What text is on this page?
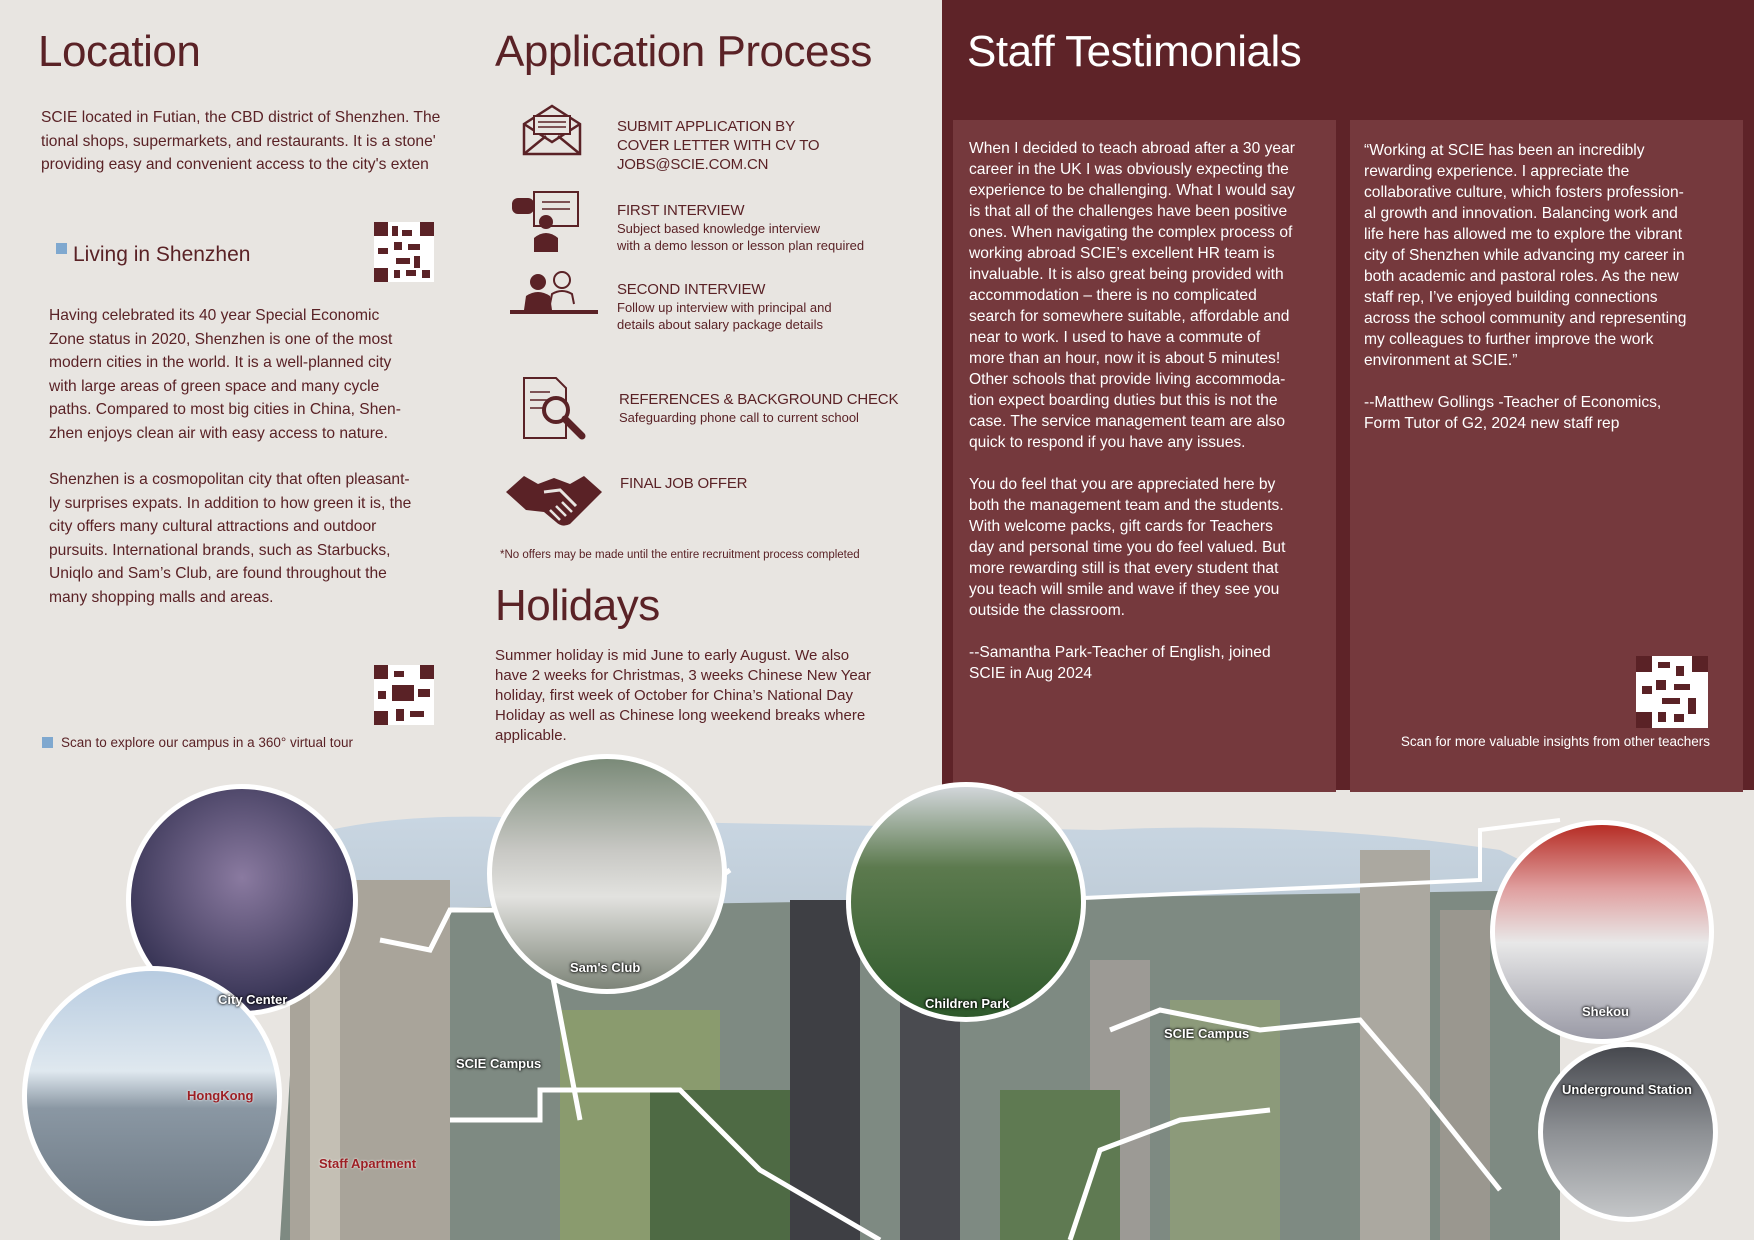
Location
SCIE located in Futian, the CBD district of Shenzhen. The
tional shops, supermarkets, and restaurants. It is a stone'
providing easy and convenient access to the city's exten
Living in Shenzhen
Having celebrated its 40 year Special Economic
Zone status in 2020, Shenzhen is one of the most
modern cities in the world. It is a well-planned city
with large areas of green space and many cycle
paths. Compared to most big cities in China, Shen-
zhen enjoys clean air with easy access to nature.
Shenzhen is a cosmopolitan city that often pleasant-
ly surprises expats. In addition to how green it is, the
city offers many cultural attractions and outdoor
pursuits. International brands, such as Starbucks,
Uniqlo and Sam’s Club, are found throughout the
many shopping malls and areas.
Scan to explore our campus in a 360° virtual tour
Application Process
SUBMIT APPLICATION BY
COVER LETTER WITH CV TO
JOBS@SCIE.COM.CN
FIRST INTERVIEW
Subject based knowledge interview
with a demo lesson or lesson plan required
SECOND INTERVIEW
Follow up interview with principal and
details about salary package details
REFERENCES & BACKGROUND CHECK
Safeguarding phone call to current school
FINAL JOB OFFER
*No offers may be made until the entire recruitment process completed
Holidays
Summer holiday is mid June to early August. We also
have 2 weeks for Christmas, 3 weeks Chinese New Year
holiday, first week of October for China’s National Day
Holiday as well as Chinese long weekend breaks where
applicable.
Staff Testimonials

When I decided to teach abroad after a 30 year
career in the UK I was obviously expecting the
experience to be challenging. What I would say
is that all of the challenges have been positive
ones. When navigating the complex process of
working abroad SCIE’s excellent HR team is
invaluable. It is also great being provided with
accommodation – there is no complicated
search for somewhere suitable, affordable and
near to work. I used to have a commute of
more than an hour, now it is about 5 minutes!
Other schools that provide living accommoda-
tion expect boarding duties but this is not the
case. The service management team are also
quick to respond if you have any issues.

You do feel that you are appreciated here by
both the management team and the students.
With welcome packs, gift cards for Teachers
day and personal time you do feel valued. But
more rewarding still is that every student that
you teach will smile and wave if they see you
outside the classroom.

--Samantha Park-Teacher of English, joined
SCIE in Aug 2024

“Working at SCIE has been an incredibly
rewarding experience. I appreciate the
collaborative culture, which fosters profession-
al growth and innovation. Balancing work and
life here has allowed me to explore the vibrant
city of Shenzhen while advancing my career in
both academic and pastoral roles. As the new
staff rep, I’ve enjoyed building connections
across the school community and representing
my colleagues to further improve the work
environment at SCIE.”

--Matthew Gollings -Teacher of Economics,
Form Tutor of G2, 2024 new staff rep

Scan for more valuable insights from other teachers
City Center
HongKong
Staff Apartment
SCIE Campus
Sam's Club
Children Park
SCIE Campus
Shekou
Underground Station
